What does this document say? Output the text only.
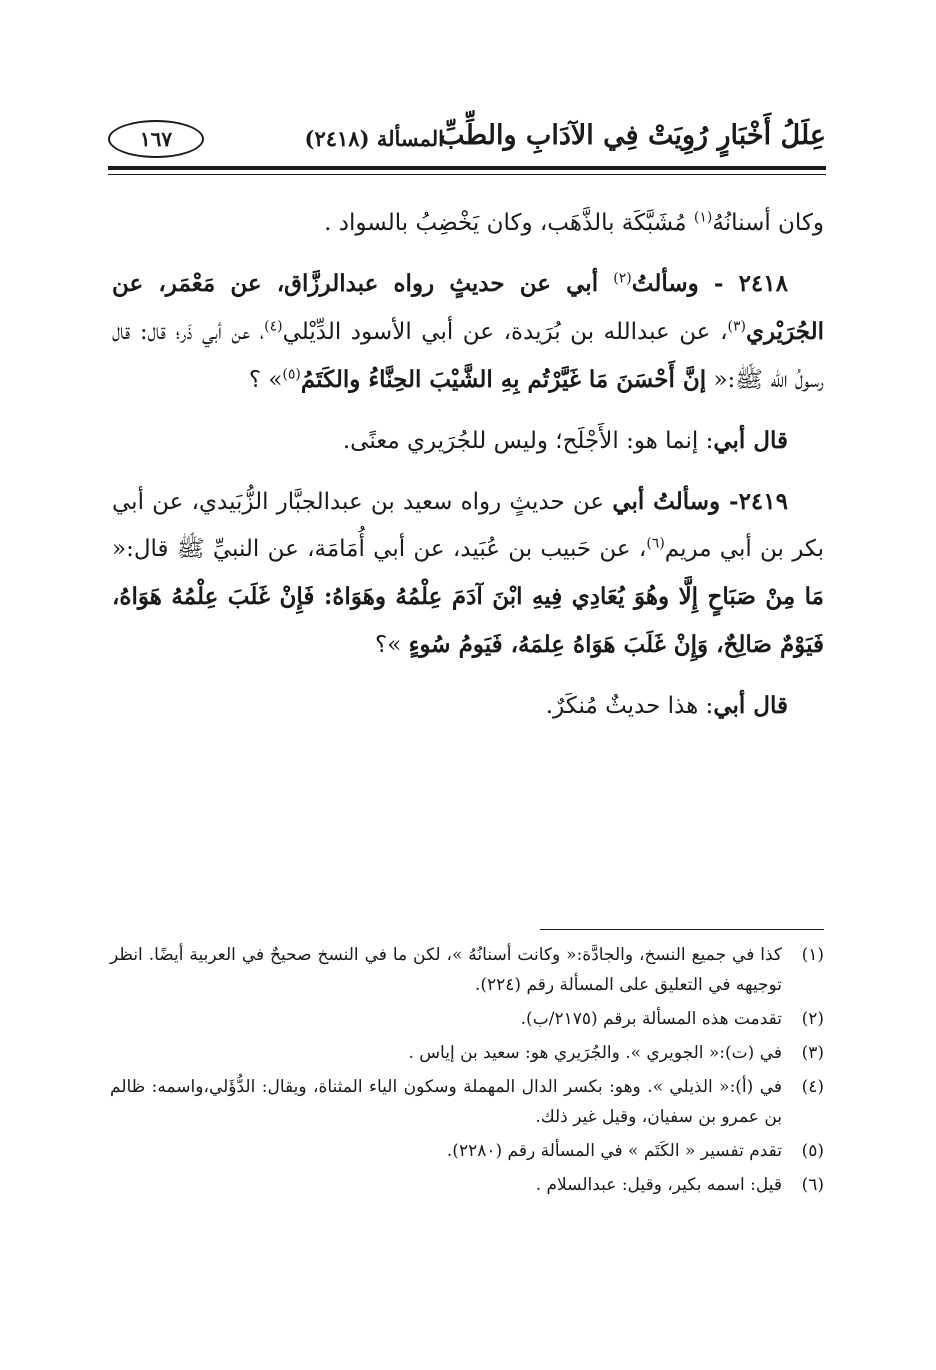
عِلَلُ أَخْبَارٍ رُوِيَتْ فِي الآدَابِ والطِّبِّ
المسألة (٢٤١٨)
١٦٧

وكان أسنانُهُ$^{(١)}$ مُشَبَّكَة بالذَّهَب، وكان يَخْضِبُ بالسواد .

٢٤١٨ - وسألتُ$^{(٢)}$ أبي عن حديثٍ رواه عبدالرزَّاق، عن مَعْمَر، عن الجُرَيْري$^{(٣)}$، عن عبدالله بن بُرَيدة، عن أبي الأسود الدِّيْلي$^{(٤)}$، عن أبي ذَر؛ قال: قال رسولُ الله ﷺ:« إنَّ أَحْسَنَ مَا غَيَّرْتُم بِهِ الشَّيْبَ الحِنَّاءُ والكَتَمُ$^{(٥)}$» ؟

قال أبي: إنما هو: الأَجْلَح؛ وليس للجُرَيري معنًى.

٢٤١٩- وسألتُ أبي عن حديثٍ رواه سعيد بن عبدالجبَّار الزُّبَيدي، عن أبي بكر بن أبي مريم$^{(٦)}$، عن حَبيب بن عُبَيد، عن أبي أُمَامَة، عن النبيِّ ﷺ قال:« مَا مِنْ صَبَاحٍ إِلَّا وهُوَ يُعَادِي فِيهِ ابْنَ آدَمَ عِلْمُهُ وهَوَاهُ: فَإِنْ غَلَبَ عِلْمُهُ هَوَاهُ، فَيَوْمٌ صَالِحٌ، وَإِنْ غَلَبَ هَوَاهُ عِلمَهُ، فَيَومُ سُوءٍ »؟

قال أبي: هذا حديثٌ مُنكَرٌ.

(١)
كذا في جميع النسخ، والجادَّة:« وكانت أسنانُهُ »، لكن ما في النسخ صحيحٌ في العربية أيضًا. انظر توجيهه في التعليق على المسألة رقم (٢٢٤).
(٢)
تقدمت هذه المسألة برقم (٢١٧٥/ب).
(٣)
في (ت):« الجويري ». والجُرَيري هو: سعيد بن إياس .
(٤)
في (أ):« الذيلي ». وهو: بكسر الدال المهملة وسكون الياء المثناة، ويقال: الدُّؤَلي،واسمه: ظالم بن عمرو بن سفيان، وقيل غير ذلك.
(٥)
تقدم تفسير « الكَتَم » في المسألة رقم (٢٢٨٠).
(٦)
قيل: اسمه بكير، وقيل: عبدالسلام .
